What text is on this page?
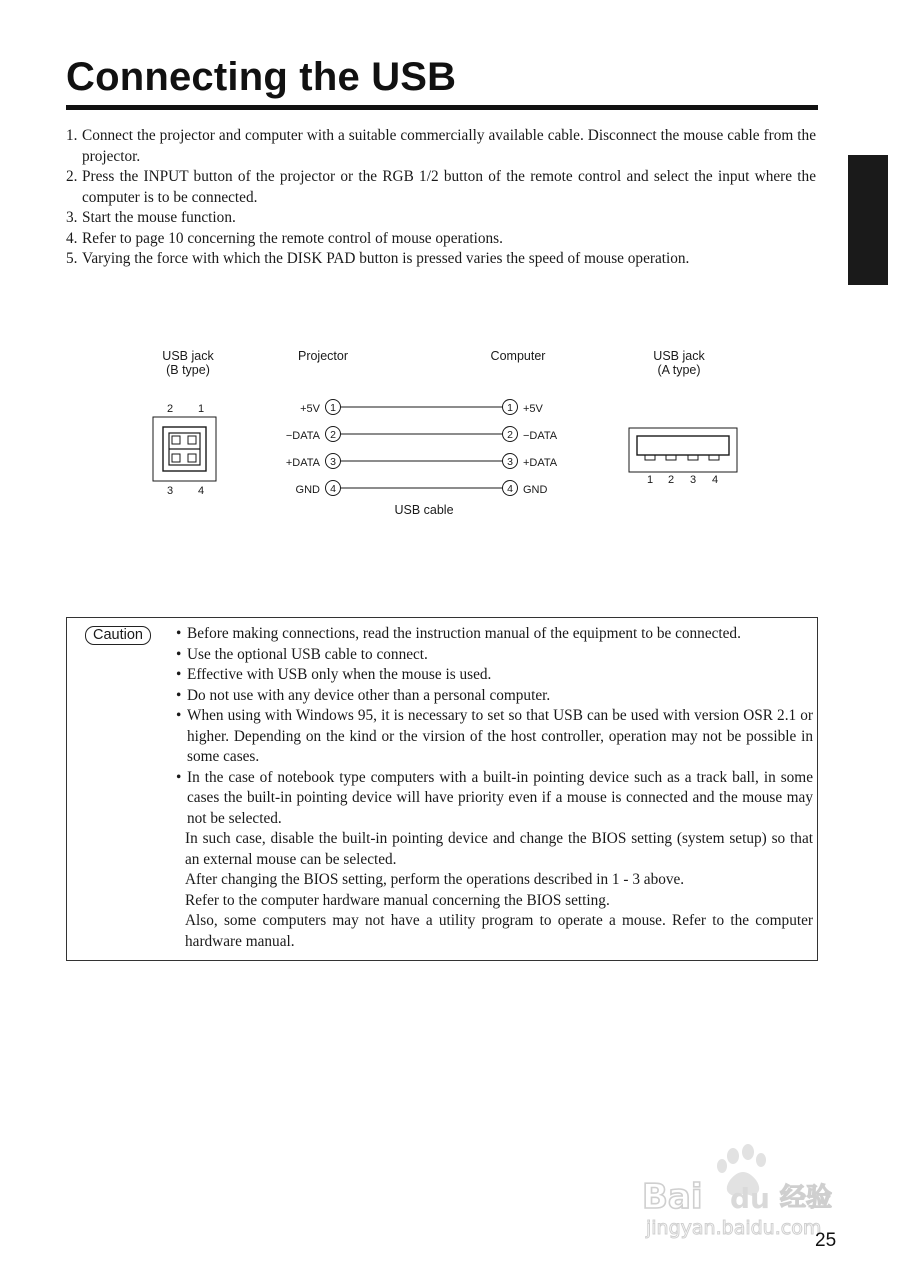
Connecting the USB
1. Connect the projector and computer with a suitable commercially available cable. Disconnect the mouse cable from the projector.
2. Press the INPUT button of the projector or the RGB 1/2 button of the remote control and select the input where the computer is to be connected.
3. Start the mouse function.
4. Refer to page 10 concerning the remote control of mouse operations.
5. Varying the force with which the DISK PAD button is pressed varies the speed of mouse operation.
USB jack
(B type)
Projector	Computer	USB jack
(A type)
2 1
3 4
+5V 1	1 +5V
−DATA 2	2 −DATA
+DATA 3	3 +DATA
GND 4	4 GND
USB cable
1 2 3 4
Caution
•	Before making connections, read the instruction manual of the equipment to be connected.
• Use the optional USB cable to connect.
• Effective with USB only when the mouse is used.
• Do not use with any device other than a personal computer.
• When using with Windows 95, it is necessary to set so that USB can be used with version OSR 2.1 or higher. Depending on the kind or the virsion of the host controller, operation may not be possible in some cases.
• In the case of notebook type computers with a built-in pointing device such as a track ball, in some cases the built-in pointing device will have priority even if a mouse is connected and the mouse may not be selected.
In such case, disable the built-in pointing device and change the BIOS setting (system setup) so that an external mouse can be selected.
After changing the BIOS setting, perform the operations described in 1 - 3 above.
Refer to the computer hardware manual concerning the BIOS setting.
Also, some computers may not have a utility program to operate a mouse. Refer to the computer hardware manual.
Bai du 经验
jingyan.baidu.com
25
